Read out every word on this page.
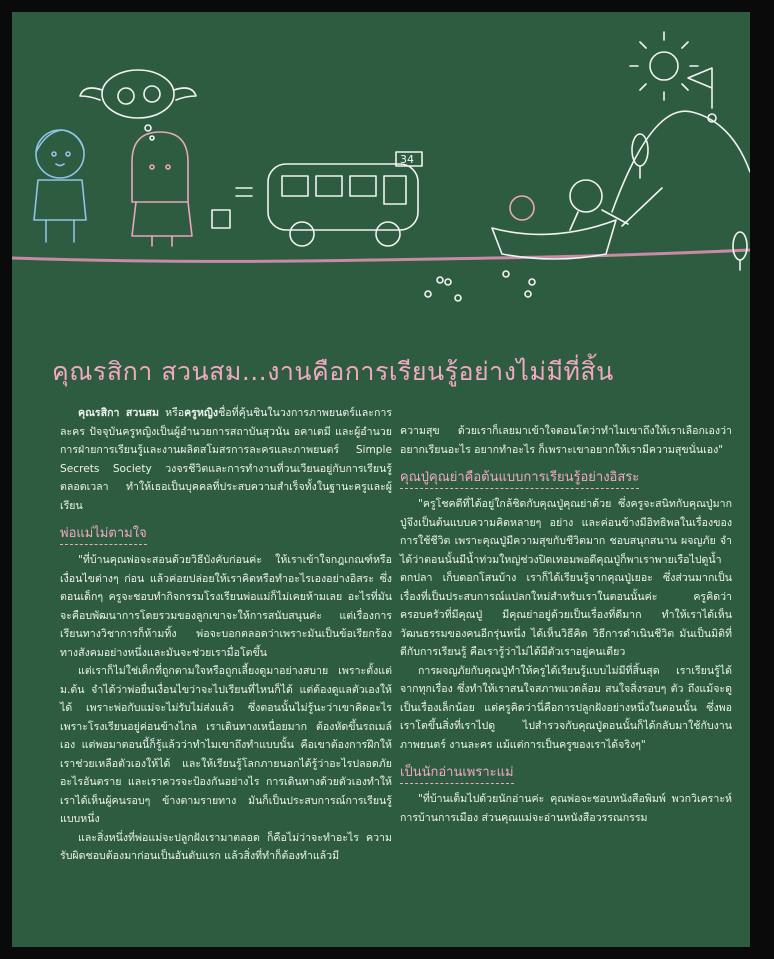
34
คุณรสิกา สวนสม...งานคือการเรียนรู้อย่างไม่มีที่สิ้น

คุณรสิกา สวนสม หรือครูหญิงชื่อที่คุ้นชินในวงการภาพยนตร์และการละคร ปัจจุบันครูหญิงเป็นผู้อำนวยการสถาบันสุวนัน อคาเดมี และผู้อำนวยการฝ่ายการเรียนรู้และงานผลิตสโมสรการละครและภาพยนตร์ Simple Secrets Society วงจรชีวิตและการทำงานที่วนเวียนอยู่กับการเรียนรู้ตลอดเวลา ทำให้เธอเป็นบุคคลที่ประสบความสำเร็จทั้งในฐานะครูและผู้เรียน

พ่อแม่ไม่ตามใจ

"ที่บ้านคุณพ่อจะสอนด้วยวิธีบังคับก่อนค่ะ ให้เราเข้าใจกฎเกณฑ์หรือเงื่อนไขต่างๆ ก่อน แล้วค่อยปล่อยให้เราคิดหรือทำอะไรเองอย่างอิสระ ซึ่งตอนเด็กๆ ครูจะชอบทำกิจกรรมโรงเรียนพ่อแม่ก็ไม่เคยห้ามเลย อะไรที่มันจะคือบพัฒนาการโดยรวมของลูกเขาจะให้การสนับสนุนค่ะ แต่เรื่องการเรียนทางวิชาการก็ห้ามทิ้ง พ่อจะบอกตลอดว่าเพราะมันเป็นข้อเรียกร้องทางสังคมอย่างหนึ่งและมันจะช่วยเรามื่อโตขึ้น

แต่เราก็ไม่ใช่เด็กที่ถูกตามใจหรือถูกเลี้ยงดูมาอย่างสบาย เพราะตั้งแต่ม.ต้น จำได้ว่าพ่อยื่นเงื่อนไขว่าจะไปเรียนที่ไหนก็ได้ แต่ต้องดูแลตัวเองให้ได้ เพราะพ่อกับแม่จะไม่รับไม่ส่งแล้ว ซึ่งตอนนั้นไม่รู้นะว่าเขาคิดอะไร เพราะโรงเรียนอยู่ค่อนข้างไกล เราเดินทางเหนื่อยมาก ต้องหัดขึ้นรถเมล์เอง แต่พอมาตอนนี้ก็รู้แล้วว่าทำไมเขาถึงทำแบบนั้น คือเขาต้องการฝึกให้เราช่วยเหลือตัวเองให้ได้ และให้เรียนรู้โลกภายนอกได้รู้ว่าอะไรปลอดภัย อะไรอันตราย และเราควรจะป้องกันอย่างไร การเดินทางด้วยตัวเองทำให้เราได้เห็นผู้คนรอบๆ ข้างตามรายทาง มันก็เป็นประสบการณ์การเรียนรู้แบบหนึ่ง

และสิ่งหนึ่งที่พ่อแม่จะปลูกฝังเรามาตลอด ก็คือไม่ว่าจะทำอะไร ความรับผิดชอบต้องมาก่อนเป็นอันดับแรก แล้วสิ่งที่ทำก็ต้องทำแล้วมี

ความสุข ด้วยเราก็เลยมาเข้าใจตอนโตว่าทำไมเขาถึงให้เราเลือกเองว่าอยากเรียนอะไร อยากทำอะไร ก็เพราะเขาอยากให้เรามีความสุขนั่นเอง"

คุณปู่คุณย่าคือต้นแบบการเรียนรู้อย่างอิสระ

"ครูโชคดีที่ได้อยู่ใกล้ชิดกับคุณปู่คุณย่าด้วย ซึ่งครูจะสนิทกับคุณปู่มาก ปู่จึงเป็นต้นแบบความคิดหลายๆ อย่าง และค่อนข้างมีอิทธิพลในเรื่องของการใช้ชีวิต เพราะคุณปู่มีความสุขกับชีวิตมาก ชอบสนุกสนาน ผจญภัย จำได้ว่าตอนนั้นมีน้ำท่วมใหญ่ช่วงปิดเทอมพอดีคุณปู่ก็พาเราพายเรือไปดูน้ำ ตกปลา เก็บดอกโสนบ้าง เราก็ได้เรียนรู้จากคุณปู่เยอะ ซึ่งส่วนมากเป็นเรื่องที่เป็นประสบการณ์แปลกใหม่สำหรับเราในตอนนั้นค่ะ ครูคิดว่าครอบครัวที่มีคุณปู่ มีคุณย่าอยู่ด้วยเป็นเรื่องที่ดีมาก ทำให้เราได้เห็นวัฒนธรรมของคนอีกรุ่นหนึ่ง ได้เห็นวิธีคิด วิธีการดำเนินชีวิต มันเป็นมิติที่ดีกับการเรียนรู้ คือเรารู้ว่าไม่ได้มีตัวเราอยู่คนเดียว

การผจญภัยกับคุณปู่ทำให้ครูได้เรียนรู้แบบไม่มีที่สิ้นสุด เราเรียนรู้ได้จากทุกเรื่อง ซึ่งทำให้เราสนใจสภาพแวดล้อม สนใจสิ่งรอบๆ ตัว ถึงแม้จะดูเป็นเรื่องเล็กน้อย แต่ครูคิดว่านี่คือการปลูกฝังอย่างหนึ่งในตอนนั้น ซึ่งพอเราโตขึ้นสิ่งที่เราไปดู ไปสำรวจกับคุณปู่ตอนนั้นก็ได้กลับมาใช้กับงานภาพยนตร์ งานละคร แม้แต่การเป็นครูของเราได้จริงๆ"

เป็นนักอ่านเพราะแม่

"ที่บ้านเต็มไปด้วยนักอ่านค่ะ คุณพ่อจะชอบหนังสือพิมพ์ พวกวิเคราะห์การบ้านการเมือง ส่วนคุณแม่จะอ่านหนังสือวรรณกรรม
